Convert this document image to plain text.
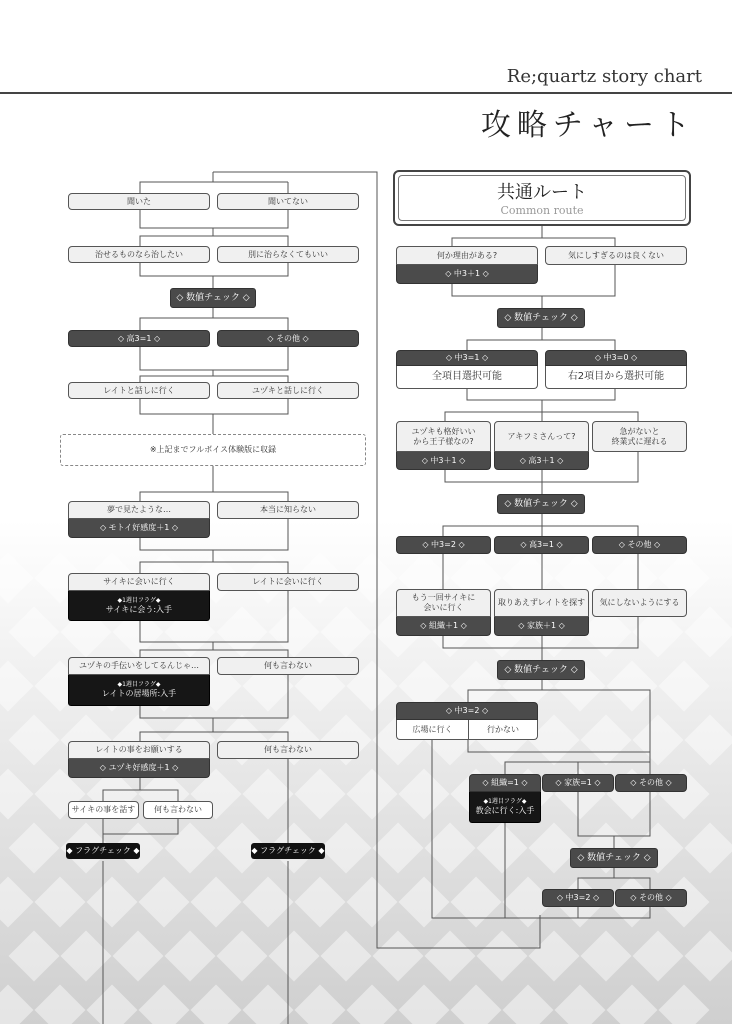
Re;quartz story chart
攻略チャート
聞いた	聞いてない
治せるものなら治したい	別に治らなくてもいい
◇ 数値チェック ◇
◇ 高3=1 ◇	◇ その他 ◇
レイトと話しに行く	ユヅキと話しに行く
※上記までフルボイス体験版に収録
夢で見たような…
◇ モトイ好感度＋1 ◇
本当に知らない
サイキに会いに行く
◆1週目フラグ◆
サイキに会う:入手
レイトに会いに行く
ユヅキの手伝いをしてるんじゃ…
◆1週目フラグ◆
レイトの居場所:入手
何も言わない
レイトの事をお願いする
◇ ユヅキ好感度＋1 ◇
何も言わない
サイキの事を話す	何も言わない
◆ フラグチェック ◆	◆ フラグチェック ◆
共通ルート
Common route
何か理由がある?
◇ 中3＋1 ◇
気にしすぎるのは良くない
◇ 数値チェック ◇
◇ 中3=1 ◇
全項目選択可能
◇ 中3=0 ◇
右2項目から選択可能
ユヅキも格好いい
から王子様なの?
◇ 中3＋1 ◇
アキフミさんって?
◇ 高3＋1 ◇
急がないと
終業式に遅れる
◇ 数値チェック ◇
◇ 中3=2 ◇	◇ 高3=1 ◇	◇ その他 ◇
もう一回サイキに
会いに行く
◇ 組織＋1 ◇
取りあえずレイトを探す
◇ 家族＋1 ◇
気にしないようにする
◇ 数値チェック ◇
◇ 中3=2 ◇
広場に行く	行かない
◇ 組織=1 ◇
◆1週目フラグ◆
教会に行く:入手
◇ 家族=1 ◇	◇ その他 ◇
◇ 数値チェック ◇
◇ 中3=2 ◇	◇ その他 ◇
